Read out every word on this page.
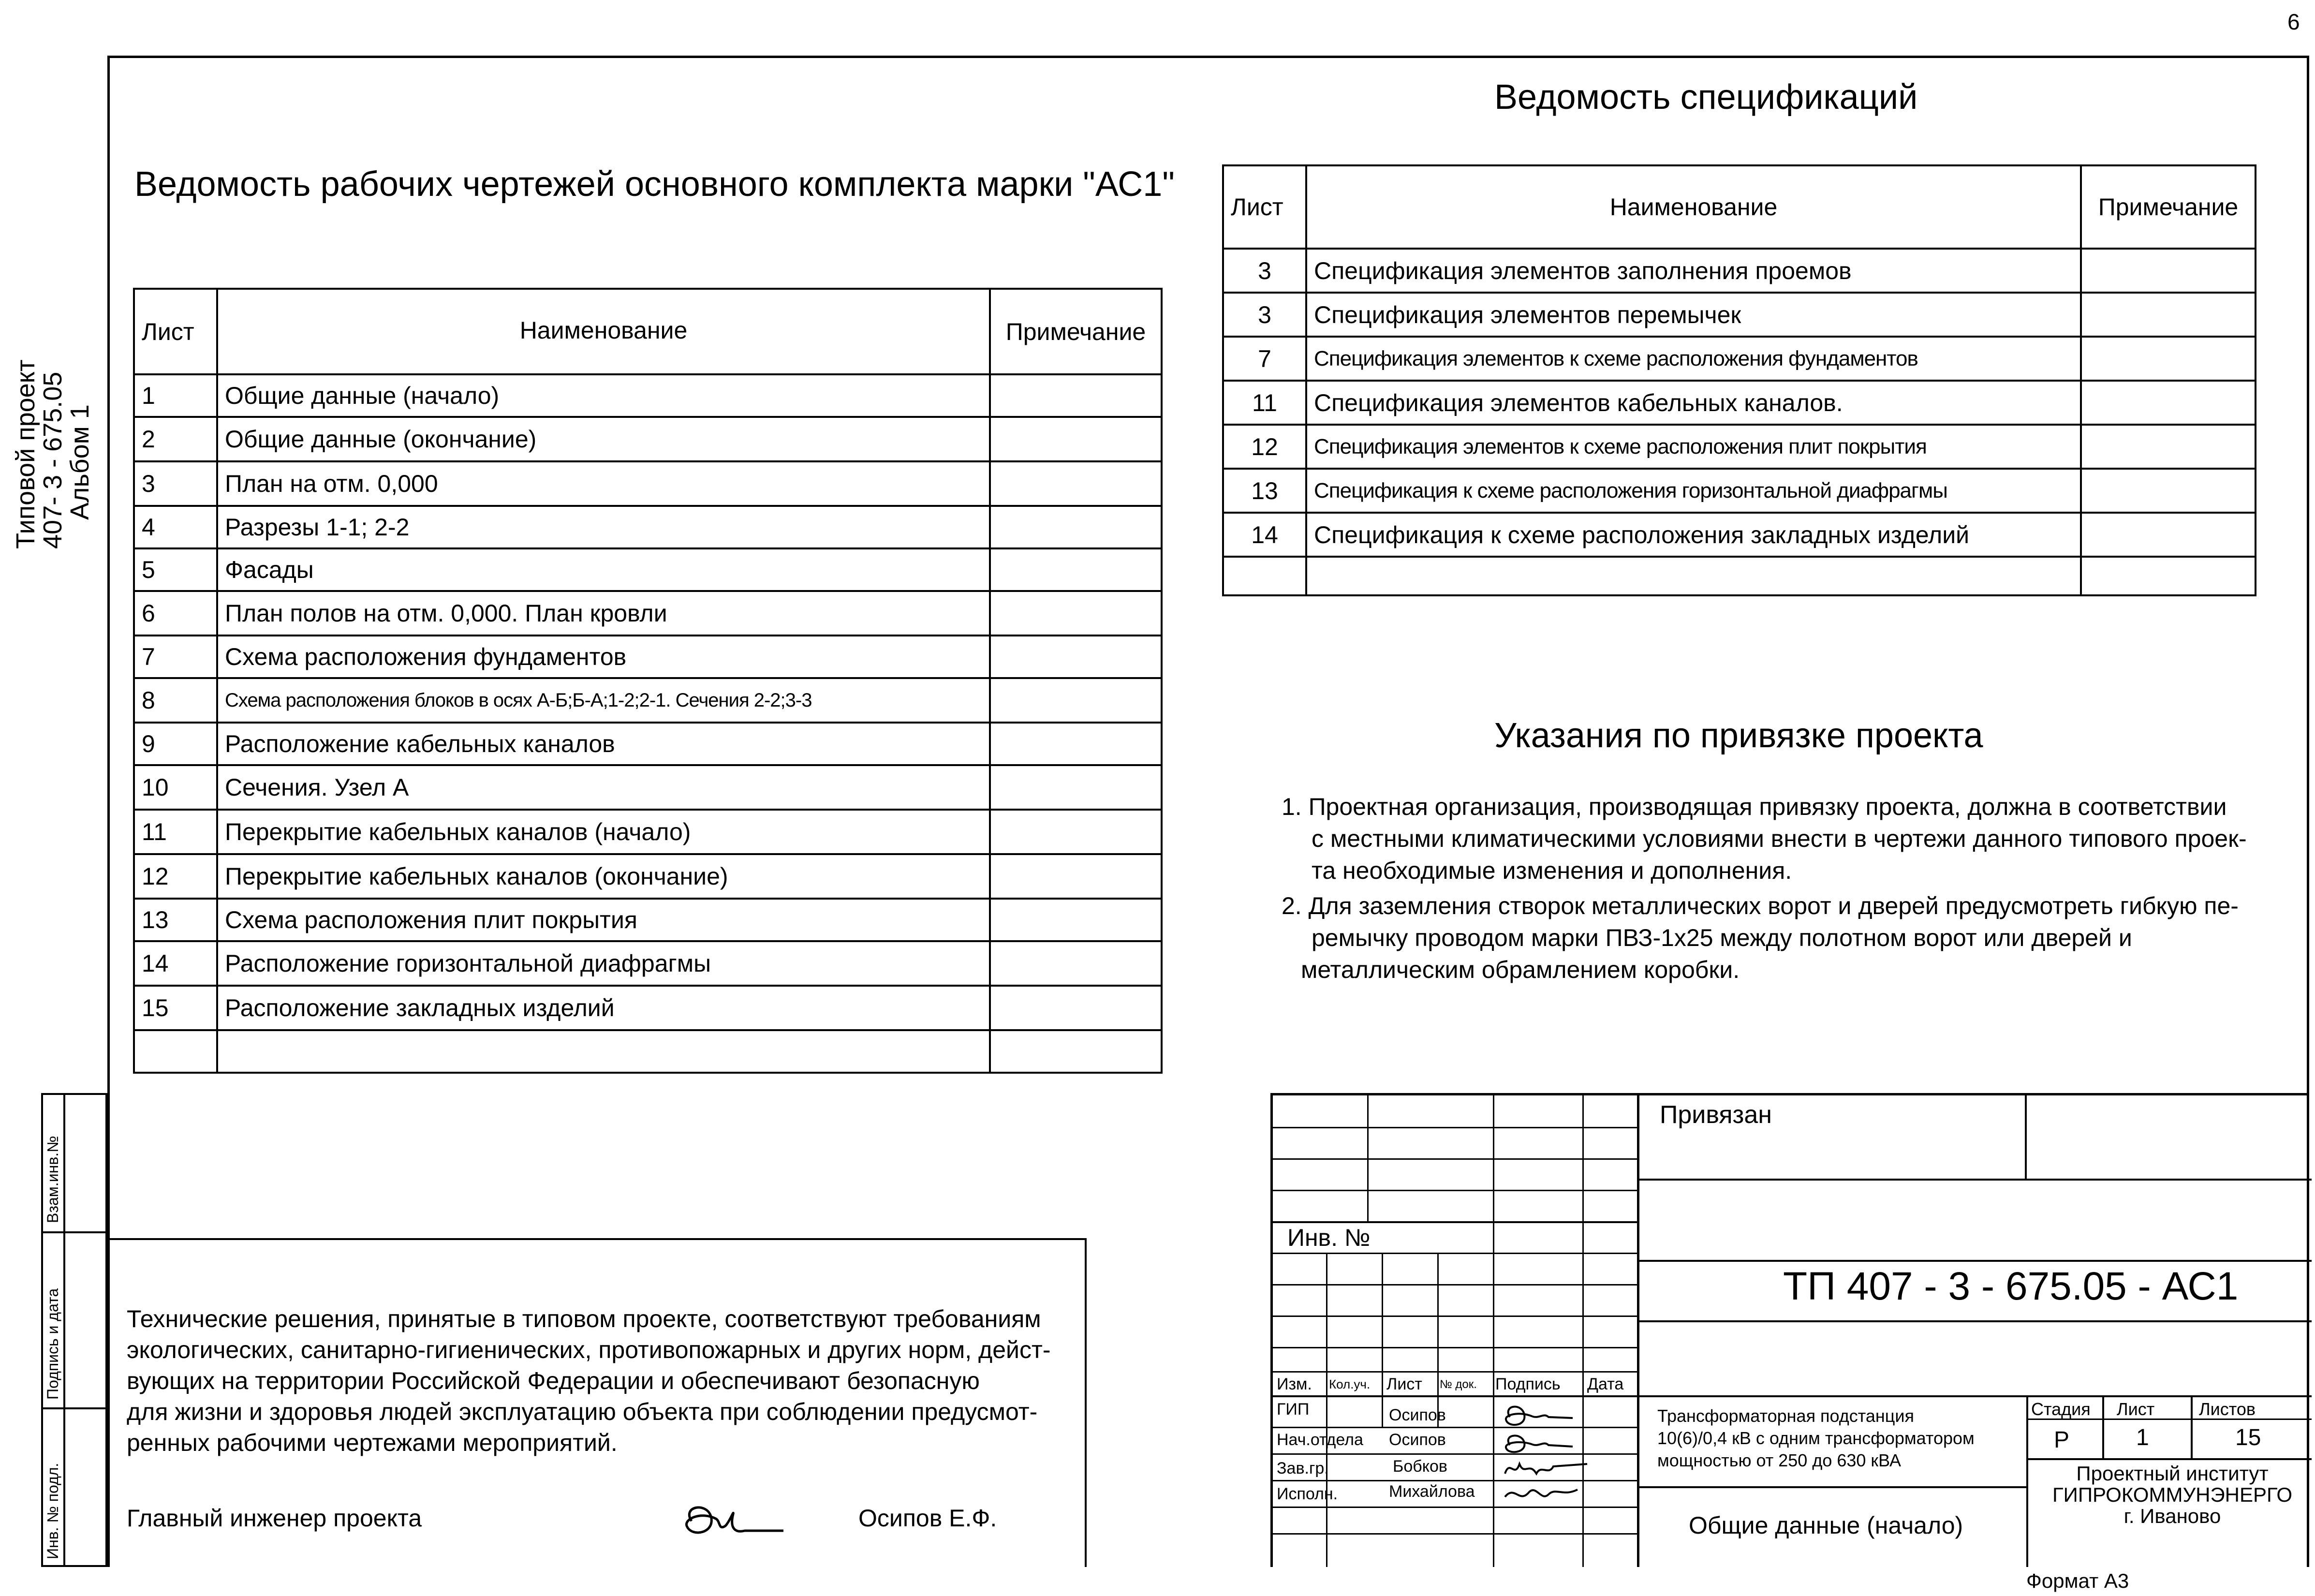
6
Типовой проект
407- 3 - 675.05
Альбом 1
Взам.инв.№
Подпись и дата
Инв. № подл.
Ведомость рабочих чертежей основного комплекта марки "АС1"
Лист	Наименование	Примечание
1	Общие данные (начало)	
2	Общие данные (окончание)	
3	План на отм. 0,000	
4	Разрезы 1-1; 2-2	
5	Фасады	
6	План полов на отм. 0,000. План кровли	
7	Схема расположения фундаментов	
8	Схема расположения блоков в осях А-Б;Б-А;1-2;2-1. Сечения 2-2;3-3	
9	Расположение кабельных каналов	
10	Сечения. Узел А	
11	Перекрытие кабельных каналов (начало)	
12	Перекрытие кабельных каналов (окончание)	
13	Схема расположения плит покрытия	
14	Расположение горизонтальной диафрагмы	
15	Расположение закладных изделий	

Ведомость спецификаций
Лист	Наименование	Примечание
3	Спецификация элементов заполнения проемов	
3	Спецификация элементов перемычек	
7	Спецификация элементов к схеме расположения фундаментов	
11	Спецификация элементов кабельных каналов.	
12	Спецификация элементов к схеме расположения плит покрытия	
13	Спецификация к схеме расположения горизонтальной диафрагмы	
14	Спецификация к схеме расположения закладных изделий	

Указания по привязке проекта
1. Проектная организация, производящая привязку проекта, должна в соответствии
с местными климатическими условиями внести в чертежи данного типового проек-
та необходимые изменения и дополнения.
2. Для заземления створок металлических ворот и дверей предусмотреть гибкую пе-
ремычку проводом марки ПВЗ-1х25 между полотном ворот или дверей и
металлическим обрамлением коробки.
Технические решения, принятые в типовом проекте, соответствуют требованиям
экологических, санитарно-гигиенических, противопожарных и других норм, дейст-
вующих на территории Российской Федерации и обеспечивают безопасную
для жизни и здоровья людей эксплуатацию объекта при соблюдении предусмот-
ренных рабочими чертежами мероприятий.
Главный инженер проекта	Осипов Е.Ф.
Привязан
ТП 407 - 3 - 675.05 - АС1
Трансформаторная подстанция
10(6)/0,4 кВ с одним трансформатором
мощностью от 250 до 630 кВА
Общие данные (начало)
Стадия Лист	Листов
Р	1	15
Проектный институт
ГИПРОКОММУНЭНЕРГО
г. Иваново
Инв. №
Изм. Кол.уч. Лист № док. Подпись Дата
ГИП	Осипов
Нач.отдела Осипов
Зав.гр.	Бобков
Исполн.	Михайлова
Формат А3
